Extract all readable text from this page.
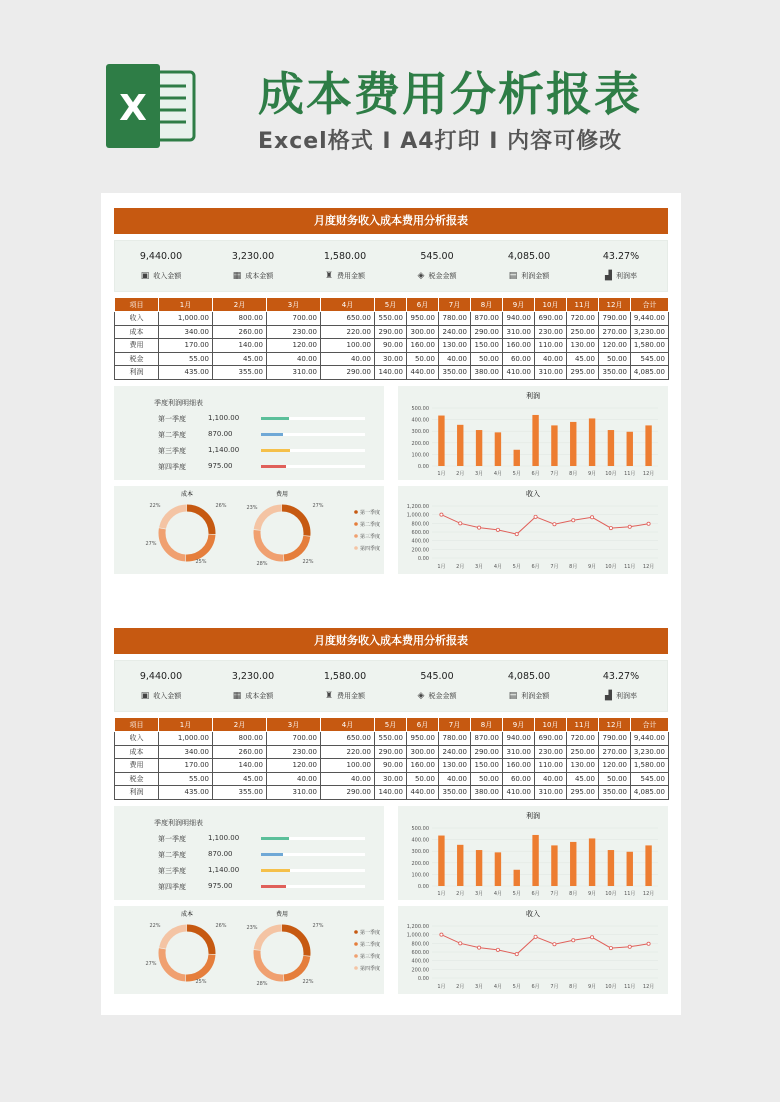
X 成本费用分析报表
Excel格式 I A4打印 I 内容可修改
月度财务收入成本费用分析报表
9,440.00
▣ 收入金额
3,230.00
▦ 成本金额
1,580.00
♜ 费用金额
545.00
◈ 税金金额
4,085.00
▤ 利润金额
43.27%
▟ 利润率
项目	1月	2月	3月	4月	5月	6月	7月	8月	9月	10月	11月	12月	合计
收入	1,000.00	800.00	700.00	650.00	550.00	950.00	780.00	870.00	940.00	690.00	720.00	790.00	9,440.00
成本	340.00	260.00	230.00	220.00	290.00	300.00	240.00	290.00	310.00	230.00	250.00	270.00	3,230.00
费用	170.00	140.00	120.00	100.00	90.00	160.00	130.00	150.00	160.00	110.00	130.00	120.00	1,580.00
税金	55.00	45.00	40.00	40.00	30.00	50.00	40.00	50.00	60.00	40.00	45.00	50.00	545.00
利润	435.00	355.00	310.00	290.00	140.00	440.00	350.00	380.00	410.00	310.00	295.00	350.00	4,085.00
季度利润明细表
第一季度	1,100.00
第二季度	870.00
第三季度	1,140.00
第四季度	975.00
利润
500.00
400.00
300.00
200.00
100.00
0.00
1月 2月 3月 4月 5月 6月 7月 8月 9月 10月 11月 12月
成本
26%
25%
27%
22%
费用
27%
22%
28%
23%
第一季度
第二季度
第三季度
第四季度
收入
1,200.00
1,000.00
800.00
600.00
400.00
200.00
0.00
1月 2月 3月 4月 5月 6月 7月 8月 9月 10月 11月 12月
月度财务收入成本费用分析报表
9,440.00
▣ 收入金额
3,230.00
▦ 成本金额
1,580.00
♜ 费用金额
545.00
◈ 税金金额
4,085.00
▤ 利润金额
43.27%
▟ 利润率
项目	1月	2月	3月	4月	5月	6月	7月	8月	9月	10月	11月	12月	合计
收入	1,000.00	800.00	700.00	650.00	550.00	950.00	780.00	870.00	940.00	690.00	720.00	790.00	9,440.00
成本	340.00	260.00	230.00	220.00	290.00	300.00	240.00	290.00	310.00	230.00	250.00	270.00	3,230.00
费用	170.00	140.00	120.00	100.00	90.00	160.00	130.00	150.00	160.00	110.00	130.00	120.00	1,580.00
税金	55.00	45.00	40.00	40.00	30.00	50.00	40.00	50.00	60.00	40.00	45.00	50.00	545.00
利润	435.00	355.00	310.00	290.00	140.00	440.00	350.00	380.00	410.00	310.00	295.00	350.00	4,085.00
季度利润明细表
第一季度	1,100.00
第二季度	870.00
第三季度	1,140.00
第四季度	975.00
利润
500.00
400.00
300.00
200.00
100.00
0.00
1月 2月 3月 4月 5月 6月 7月 8月 9月 10月 11月 12月
成本
26%
25%
27%
22%
费用
27%
22%
28%
23%
第一季度
第二季度
第三季度
第四季度
收入
1,200.00
1,000.00
800.00
600.00
400.00
200.00
0.00
1月 2月 3月 4月 5月 6月 7月 8月 9月 10月 11月 12月
